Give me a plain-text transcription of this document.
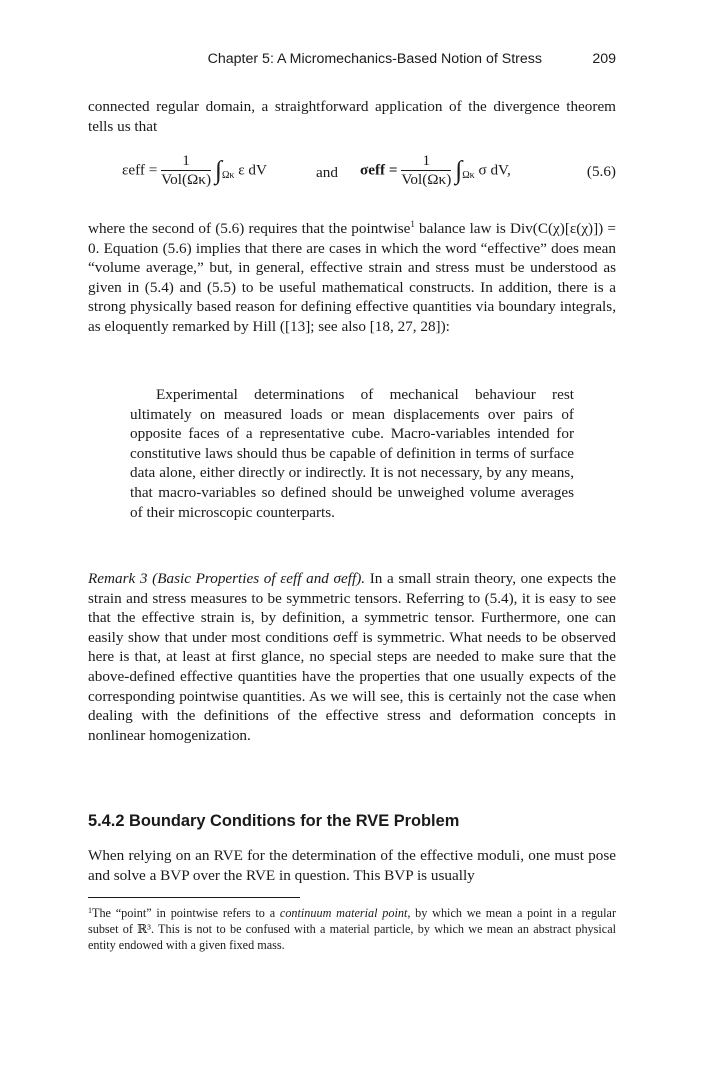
Chapter 5: A Micromechanics-Based Notion of Stress	209
connected regular domain, a straightforward application of the divergence theorem tells us that
$\varepsilon eff = \frac{1}{\text{Vol(Ωκ)}} \int_{\Omega\kappa}$ ε dV	and $\sigma eff = \frac{1}{\text{Vol(Ωκ)}} \int_{\Omega\kappa}$ σ dV,	(5.6)
where the second of (5.6) requires that the pointwise$^1$ balance law is Div(C(χ)[ε(χ)]) = 0. Equation (5.6) implies that there are cases in which the word “effective” does mean “volume average,” but, in general, effective strain and stress must be understood as given in (5.4) and (5.5) to be useful mathematical constructs. In addition, there is a strong physically based reason for defining effective quantities via boundary integrals, as eloquently remarked by Hill ([13]; see also [18, 27, 28]):
Experimental determinations of mechanical behaviour rest ultimately on measured loads or mean displacements over pairs of opposite faces of a representative cube. Macro-variables intended for constitutive laws should thus be capable of definition in terms of surface data alone, either directly or indirectly. It is not necessary, by any means, that macro-variables so defined should be unweighed volume averages of their microscopic counterparts.
Remark 3 (Basic Properties of εeff and σeff). In a small strain theory, one expects the strain and stress measures to be symmetric tensors. Referring to (5.4), it is easy to see that the effective strain is, by definition, a symmetric tensor. Furthermore, one can easily show that under most conditions σeff is symmetric. What needs to be observed here is that, at least at first glance, no special steps are needed to make sure that the above-defined effective quantities have the properties that one usually expects of the corresponding pointwise quantities. As we will see, this is certainly not the case when dealing with the definitions of the effective stress and deformation concepts in nonlinear homogenization.
5.4.2 Boundary Conditions for the RVE Problem
When relying on an RVE for the determination of the effective moduli, one must pose and solve a BVP over the RVE in question. This BVP is usually
$^1$The “point” in pointwise refers to a continuum material point, by which we mean a point in a regular subset of ℝ³. This is not to be confused with a material particle, by which we mean an abstract physical entity endowed with a given fixed mass.
